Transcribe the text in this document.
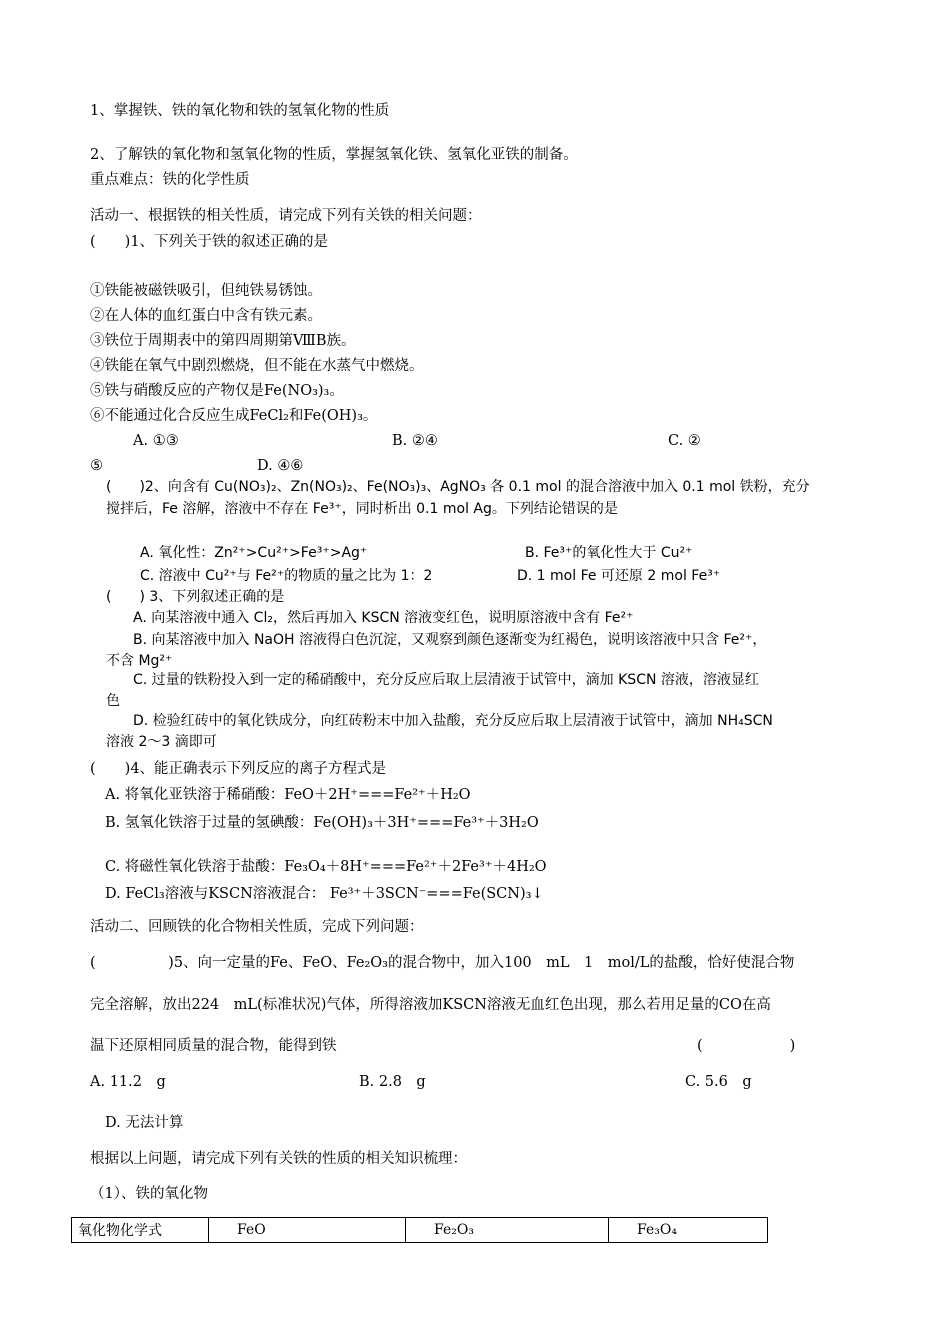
1、掌握铁、铁的氧化物和铁的氢氧化物的性质
2、了解铁的氧化物和氢氧化物的性质，掌握氢氧化铁、氢氧化亚铁的制备。
重点难点：铁的化学性质
活动一、根据铁的相关性质，请完成下列有关铁的相关问题：
(　　)1、下列关于铁的叙述正确的是
①铁能被磁铁吸引，但纯铁易锈蚀。
②在人体的血红蛋白中含有铁元素。
③铁位于周期表中的第四周期第ⅧB族。
④铁能在氧气中剧烈燃烧，但不能在水蒸气中燃烧。
⑤铁与硝酸反应的产物仅是Fe(NO₃)₃。
⑥不能通过化合反应生成FeCl₂和Fe(OH)₃。
A. ①③	B. ②④	C. ②
⑤	D. ④⑥
(　　)2、向含有 Cu(NO₃)₂、Zn(NO₃)₂、Fe(NO₃)₃、AgNO₃ 各 0.1 mol 的混合溶液中加入 0.1 mol 铁粉，充分
搅拌后，Fe 溶解，溶液中不存在 Fe³⁺，同时析出 0.1 mol Ag。下列结论错误的是
A. 氧化性：Zn²⁺>Cu²⁺>Fe³⁺>Ag⁺	B. Fe³⁺的氧化性大于 Cu²⁺
C. 溶液中 Cu²⁺与 Fe²⁺的物质的量之比为 1：2	D. 1 mol Fe 可还原 2 mol Fe³⁺
(　　) 3、下列叙述正确的是
A. 向某溶液中通入 Cl₂，然后再加入 KSCN 溶液变红色，说明原溶液中含有 Fe²⁺
B. 向某溶液中加入 NaOH 溶液得白色沉淀，又观察到颜色逐渐变为红褐色，说明该溶液中只含 Fe²⁺，
不含 Mg²⁺
C. 过量的铁粉投入到一定的稀硝酸中，充分反应后取上层清液于试管中，滴加 KSCN 溶液，溶液显红
色
D. 检验红砖中的氧化铁成分，向红砖粉末中加入盐酸，充分反应后取上层清液于试管中，滴加 NH₄SCN
溶液 2～3 滴即可
(　　)4、能正确表示下列反应的离子方程式是
A. 将氧化亚铁溶于稀硝酸：FeO＋2H⁺===Fe²⁺＋H₂O
B. 氢氧化铁溶于过量的氢碘酸：Fe(OH)₃＋3H⁺===Fe³⁺＋3H₂O
C. 将磁性氧化铁溶于盐酸：Fe₃O₄＋8H⁺===Fe²⁺＋2Fe³⁺＋4H₂O
D. FeCl₃溶液与KSCN溶液混合： Fe³⁺＋3SCN⁻===Fe(SCN)₃↓
活动二、回顾铁的化合物相关性质，完成下列问题：
(　　　　　)5、向一定量的Fe、FeO、Fe₂O₃的混合物中，加入100　mL　1　mol/L的盐酸，恰好使混合物
完全溶解，放出224　mL(标准状况)气体，所得溶液加KSCN溶液无血红色出现，那么若用足量的CO在高
温下还原相同质量的混合物，能得到铁	(　　　　　　)
A. 11.2　g	B. 2.8　g	C. 5.6　g
D. 无法计算
根据以上问题，请完成下列有关铁的性质的相关知识梳理：
（1）、铁的氧化物
氧化物化学式	FeO	Fe₂O₃	Fe₃O₄
